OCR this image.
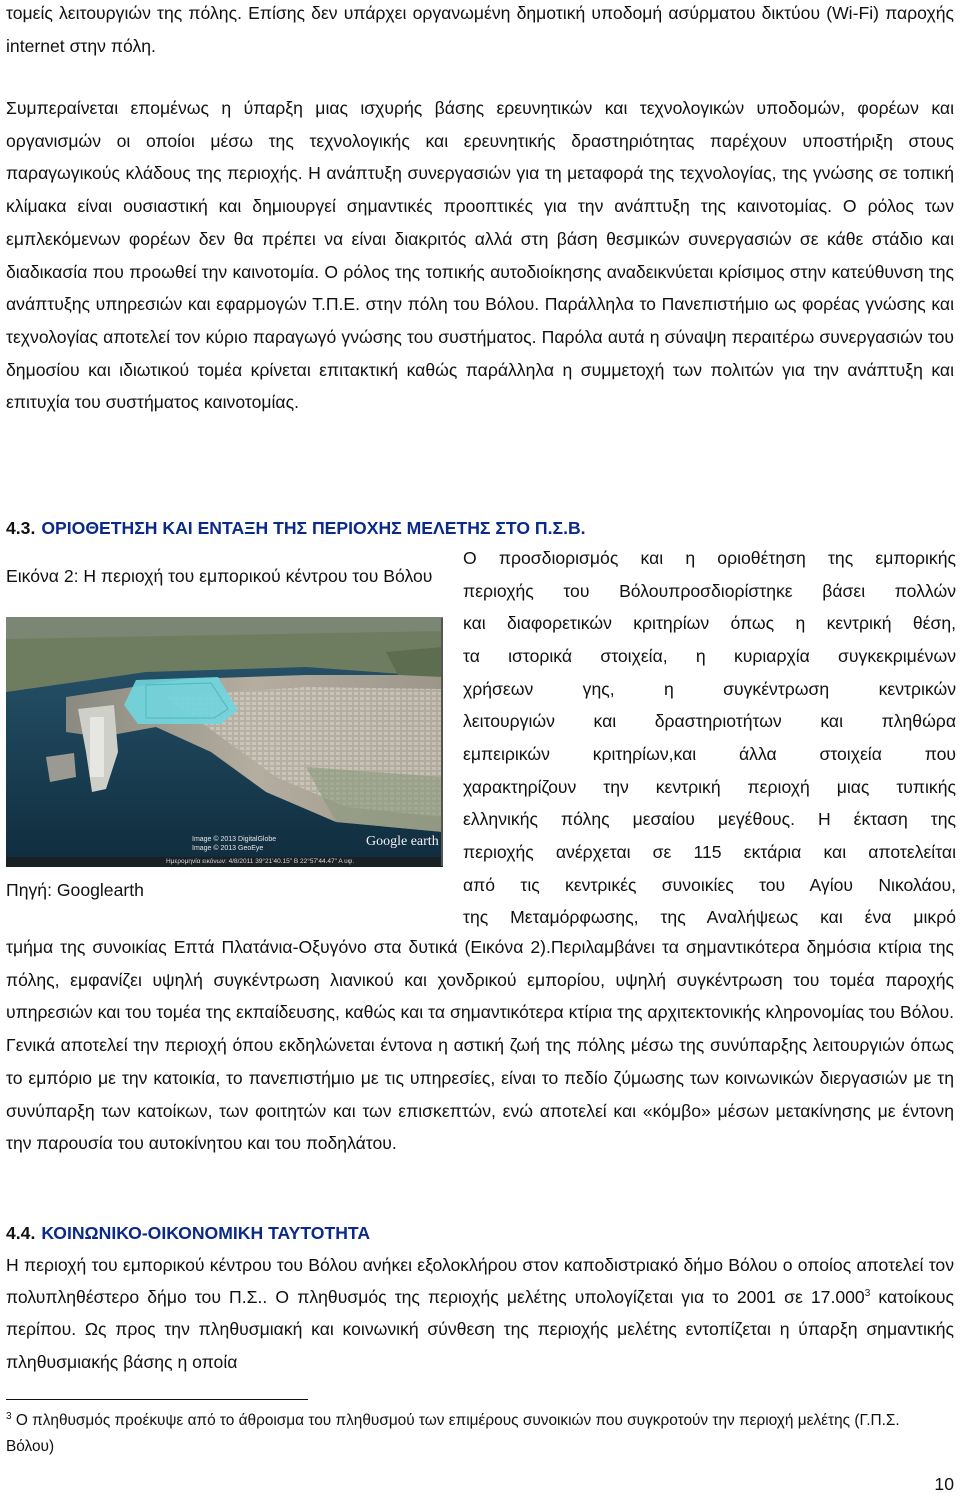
τομείς λειτουργιών της πόλης. Επίσης δεν υπάρχει οργανωμένη δημοτική υποδομή ασύρματου δικτύου (Wi-Fi) παροχής internet στην πόλη.
Συμπεραίνεται επομένως η ύπαρξη μιας ισχυρής βάσης ερευνητικών και τεχνολογικών υποδομών, φορέων και οργανισμών οι οποίοι μέσω της τεχνολογικής και ερευνητικής δραστηριότητας παρέχουν υποστήριξη στους παραγωγικούς κλάδους της περιοχής. Η ανάπτυξη συνεργασιών για τη μεταφορά της τεχνολογίας, της γνώσης σε τοπική κλίμακα είναι ουσιαστική και δημιουργεί σημαντικές προοπτικές για την ανάπτυξη της καινοτομίας. Ο ρόλος των εμπλεκόμενων φορέων δεν θα πρέπει να είναι διακριτός αλλά στη βάση θεσμικών συνεργασιών σε κάθε στάδιο και διαδικασία που προωθεί την καινοτομία. Ο ρόλος της τοπικής αυτοδιοίκησης αναδεικνύεται κρίσιμος στην κατεύθυνση της ανάπτυξης υπηρεσιών και εφαρμογών Τ.Π.Ε. στην πόλη του Βόλου. Παράλληλα το Πανεπιστήμιο ως φορέας γνώσης και τεχνολογίας αποτελεί τον κύριο παραγωγό γνώσης του συστήματος. Παρόλα αυτά η σύναψη περαιτέρω συνεργασιών του δημοσίου και ιδιωτικού τομέα κρίνεται επιτακτική καθώς παράλληλα η συμμετοχή των πολιτών για την ανάπτυξη και επιτυχία του συστήματος καινοτομίας.
4.3. ΟΡΙΟΘΕΤΗΣΗ ΚΑΙ ΕΝΤΑΞΗ ΤΗΣ ΠΕΡΙΟΧΗΣ ΜΕΛΕΤΗΣ ΣΤΟ Π.Σ.Β.
Εικόνα 2: Η περιοχή του εμπορικού κέντρου του Βόλου
Image © 2013 DigitalGlobe
Image © 2013 GeoEye
Ημερομηνία εικόνων: 4/8/2011 39°21'40.15" Β 22°57'44.47" Α υψ.
Google earth
Πηγή: Googlearth
Ο προσδιορισμός και η οριοθέτηση της εμπορικής
περιοχής του Βόλουπροσδιορίστηκε βάσει πολλών
και διαφορετικών κριτηρίων όπως η κεντρική θέση,
τα ιστορικά στοιχεία, η κυριαρχία συγκεκριμένων
χρήσεων γης, η συγκέντρωση κεντρικών
λειτουργιών και δραστηριοτήτων και πληθώρα
εμπειρικών κριτηρίων,και άλλα στοιχεία που
χαρακτηρίζουν την κεντρική περιοχή μιας τυπικής
ελληνικής πόλης μεσαίου μεγέθους. Η έκταση της
περιοχής ανέρχεται σε 115 εκτάρια και αποτελείται
από τις κεντρικές συνοικίες του Αγίου Νικολάου,
της Μεταμόρφωσης, της Αναλήψεως και ένα μικρό
τμήμα της συνοικίας Επτά Πλατάνια-Οξυγόνο στα δυτικά (Εικόνα 2).Περιλαμβάνει τα σημαντικότερα δημόσια κτίρια της πόλης, εμφανίζει υψηλή συγκέντρωση λιανικού και χονδρικού εμπορίου, υψηλή συγκέντρωση του τομέα παροχής υπηρεσιών και του τομέα της εκπαίδευσης, καθώς και τα σημαντικότερα κτίρια της αρχιτεκτονικής κληρονομίας του Βόλου. Γενικά αποτελεί την περιοχή όπου εκδηλώνεται έντονα η αστική ζωή της πόλης μέσω της συνύπαρξης λειτουργιών όπως το εμπόριο με την κατοικία, το πανεπιστήμιο με τις υπηρεσίες, είναι το πεδίο ζύμωσης των κοινωνικών διεργασιών με τη συνύπαρξη των κατοίκων, των φοιτητών και των επισκεπτών, ενώ αποτελεί και «κόμβο» μέσων μετακίνησης με έντονη την παρουσία του αυτοκίνητου και του ποδηλάτου.
4.4. ΚΟΙΝΩΝΙΚΟ-ΟΙΚΟΝΟΜΙΚΗ ΤΑΥΤΟΤΗΤΑ
Η περιοχή του εμπορικού κέντρου του Βόλου ανήκει εξολοκλήρου στον καποδιστριακό δήμο Βόλου ο οποίος αποτελεί τον πολυπληθέστερο δήμο του Π.Σ.. Ο πληθυσμός της περιοχής μελέτης υπολογίζεται για το 2001 σε 17.000$^3$ κατοίκους περίπου. Ως προς την πληθυσμιακή και κοινωνική σύνθεση της περιοχής μελέτης εντοπίζεται η ύπαρξη σημαντικής πληθυσμιακής βάσης η οποία
$^3$ Ο πληθυσμός προέκυψε από το άθροισμα του πληθυσμού των επιμέρους συνοικιών που συγκροτούν την περιοχή μελέτης (Γ.Π.Σ. Βόλου)
10
